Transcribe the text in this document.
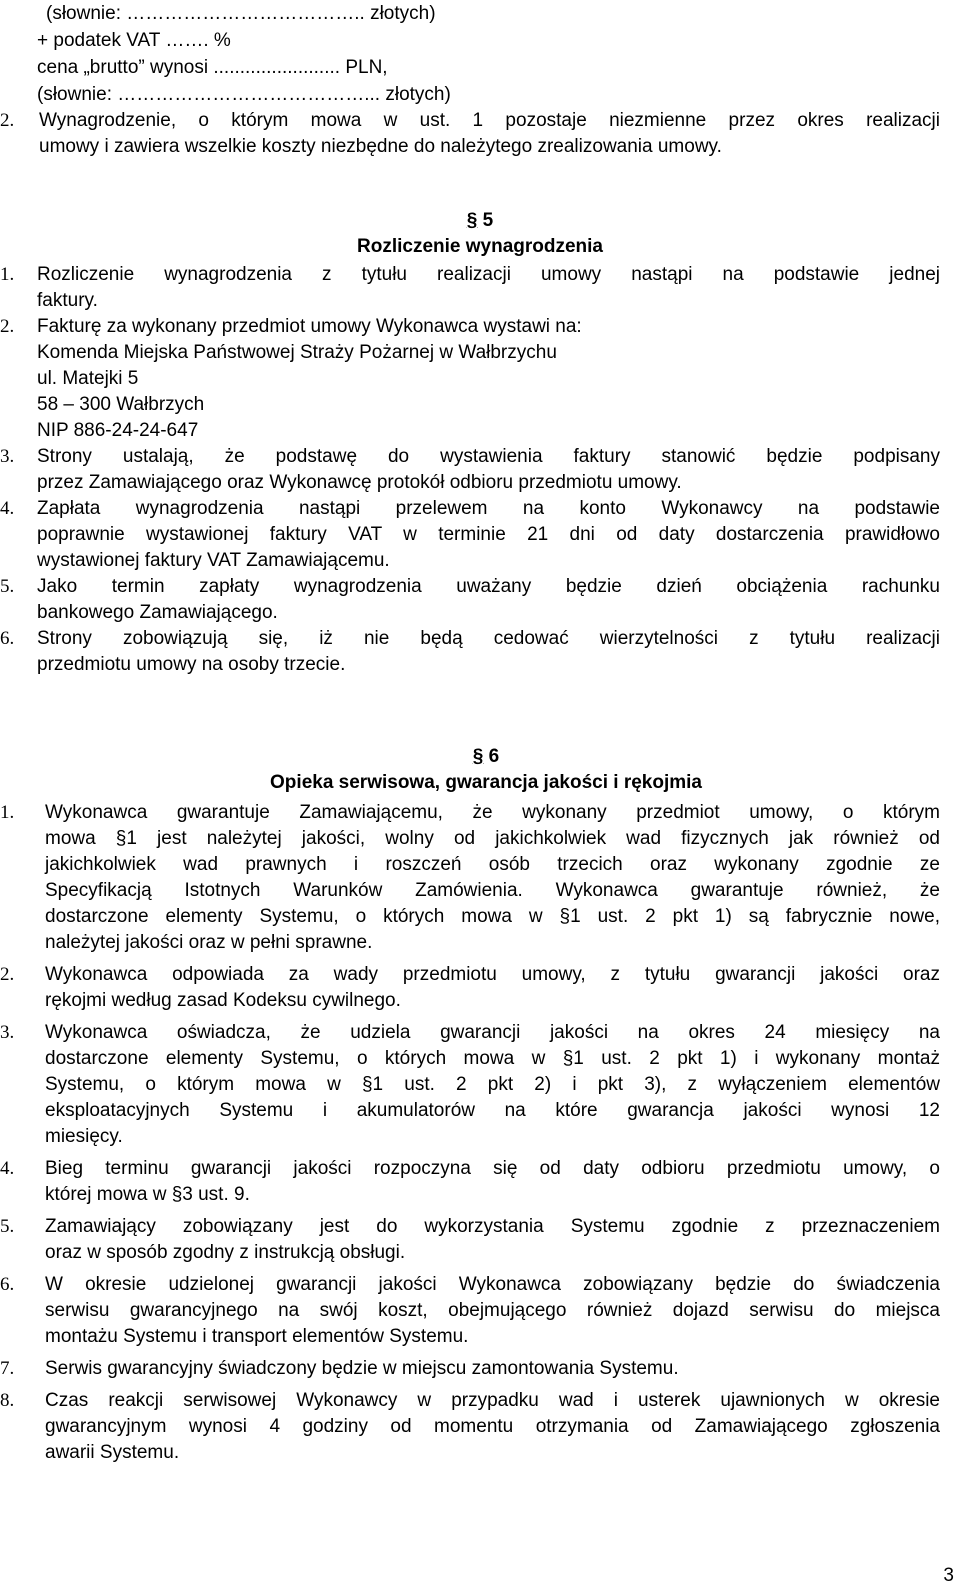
(słownie: ……………………………….. złotych)
+ podatek VAT ……. %
cena „brutto” wynosi ........................ PLN,
(słownie: …………………………………... złotych)
2.	Wynagrodzenie, o którym mowa w ust. 1 pozostaje niezmienne przez okres realizacji
umowy i zawiera wszelkie koszty niezbędne do należytego zrealizowania umowy.
§ 5
Rozliczenie wynagrodzenia
1.	Rozliczenie wynagrodzenia z tytułu realizacji umowy nastąpi na podstawie jednej
faktury.
2.	Fakturę za wykonany przedmiot umowy Wykonawca wystawi na:
Komenda Miejska Państwowej Straży Pożarnej w Wałbrzychu
ul. Matejki 5
58 – 300 Wałbrzych
NIP 886-24-24-647
3.	Strony ustalają, że podstawę do wystawienia faktury stanowić będzie podpisany
przez Zamawiającego oraz Wykonawcę protokół odbioru przedmiotu umowy.
4.	Zapłata wynagrodzenia nastąpi przelewem na konto Wykonawcy na podstawie
poprawnie wystawionej faktury VAT w terminie 21 dni od daty dostarczenia prawidłowo
wystawionej faktury VAT Zamawiającemu.
5.	Jako termin zapłaty wynagrodzenia uważany będzie dzień obciążenia rachunku
bankowego Zamawiającego.
6.	Strony zobowiązują się, iż nie będą cedować wierzytelności z tytułu realizacji
przedmiotu umowy na osoby trzecie.
§ 6
Opieka serwisowa, gwarancja jakości i rękojmia
1.	Wykonawca gwarantuje Zamawiającemu, że wykonany przedmiot umowy, o którym
mowa §1 jest należytej jakości, wolny od jakichkolwiek wad fizycznych jak również od
jakichkolwiek wad prawnych i roszczeń osób trzecich oraz wykonany zgodnie ze
Specyfikacją Istotnych Warunków Zamówienia. Wykonawca gwarantuje również, że
dostarczone elementy Systemu, o których mowa w §1 ust. 2 pkt 1) są fabrycznie nowe,
należytej jakości oraz w pełni sprawne.
2.	Wykonawca odpowiada za wady przedmiotu umowy, z tytułu gwarancji jakości oraz
rękojmi według zasad Kodeksu cywilnego.
3.	Wykonawca oświadcza, że udziela gwarancji jakości na okres 24 miesięcy na
dostarczone elementy Systemu, o których mowa w §1 ust. 2 pkt 1) i wykonany montaż
Systemu, o którym mowa w §1 ust. 2 pkt 2) i pkt 3), z wyłączeniem elementów
eksploatacyjnych Systemu i akumulatorów na które gwarancja jakości wynosi 12
miesięcy.
4.	Bieg terminu gwarancji jakości rozpoczyna się od daty odbioru przedmiotu umowy, o
której mowa w §3 ust. 9.
5.	Zamawiający zobowiązany jest do wykorzystania Systemu zgodnie z przeznaczeniem
oraz w sposób zgodny z instrukcją obsługi.
6.	W okresie udzielonej gwarancji jakości Wykonawca zobowiązany będzie do świadczenia
serwisu gwarancyjnego na swój koszt, obejmującego również dojazd serwisu do miejsca
montażu Systemu i transport elementów Systemu.
7.	Serwis gwarancyjny świadczony będzie w miejscu zamontowania Systemu.
8.	Czas reakcji serwisowej Wykonawcy w przypadku wad i usterek ujawnionych w okresie
gwarancyjnym wynosi 4 godziny od momentu otrzymania od Zamawiającego zgłoszenia
awarii Systemu.
3
